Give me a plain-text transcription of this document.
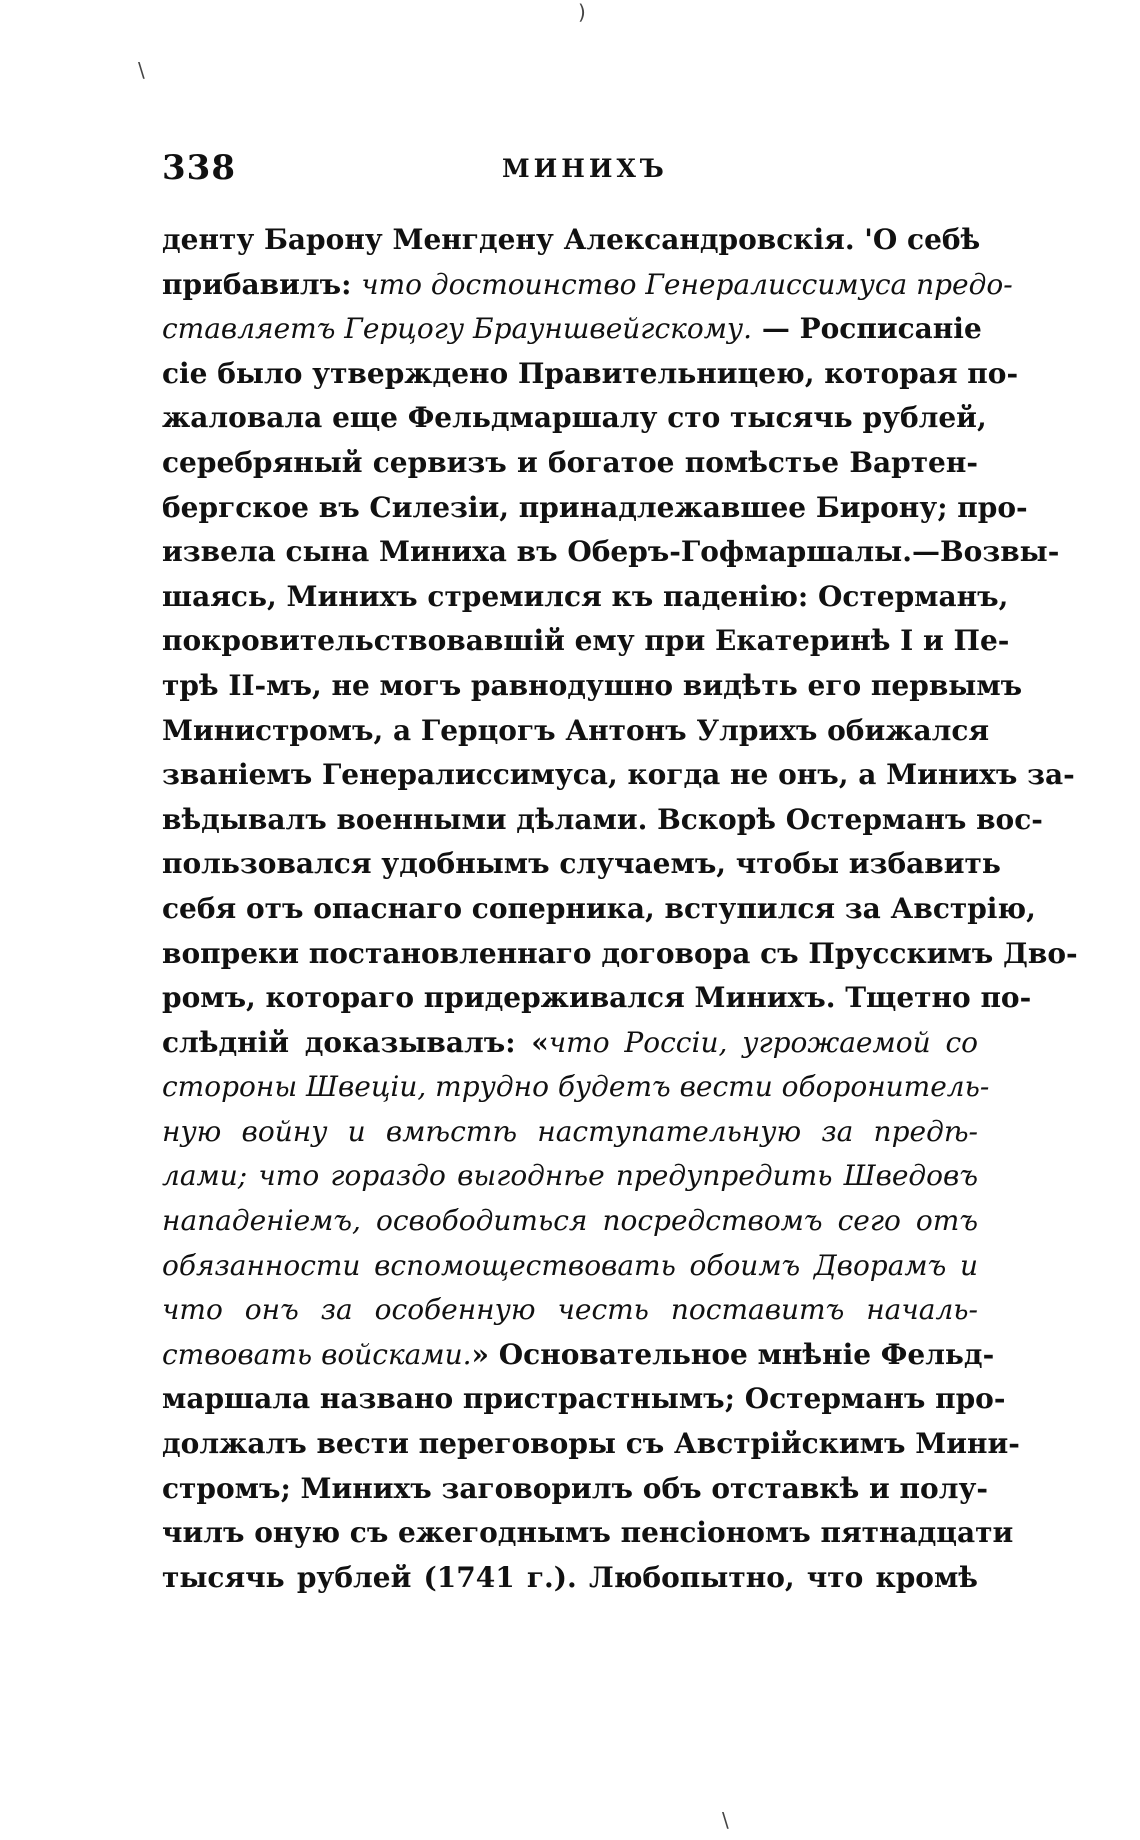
)
\
\
338	МИНИХЪ
денту Барону Менгдену Александровскія. 'О себѣ
прибавилъ: что достоинство Генералиссимуса предо-
ставляетъ Герцогу Брауншвейгскому. — Росписаніе
сіе было утверждено Правительницею, которая по-
жаловала еще Фельдмаршалу сто тысячь рублей,
серебряный сервизъ и богатое помѣстье Вартен-
бергское въ Силезіи, принадлежавшее Бирону; про-
извела сына Миниха въ Оберъ-Гофмаршалы.—Возвы-
шаясь, Минихъ стремился къ паденію: Остерманъ,
покровительствовавшій ему при Екатеринѣ I и Пе-
трѣ II-мъ, не могъ равнодушно видѣть его первымъ
Министромъ, а Герцогъ Антонъ Улрихъ обижался
званіемъ Генералиссимуса, когда не онъ, а Минихъ за-
вѣдывалъ военными дѣлами. Вскорѣ Остерманъ вос-
пользовался удобнымъ случаемъ, чтобы избавить
себя отъ опаснаго соперника, вступился за Австрію,
вопреки постановленнаго договора съ Прусскимъ Дво-
ромъ, котораго придерживался Минихъ. Тщетно по-
слѣдній доказывалъ: «что Россіи, угрожаемой со
стороны Швеціи, трудно будетъ вести оборонитель-
ную войну и вмѣстѣ наступательную за предѣ-
лами; что гораздо выгоднѣе предупредить Шведовъ
нападеніемъ, освободиться посредствомъ сего отъ
обязанности вспомоществовать обоимъ Дворамъ и
что онъ за особенную честь поставитъ началь-
ствовать войсками.» Основательное мнѣніе Фельд-
маршала названо пристрастнымъ; Остерманъ про-
должалъ вести переговоры съ Австрійскимъ Мини-
стромъ; Минихъ заговорилъ объ отставкѣ и полу-
чилъ оную съ ежегоднымъ пенсіономъ пятнадцати
тысячь рублей (1741 г.). Любопытно, что кромѣ
